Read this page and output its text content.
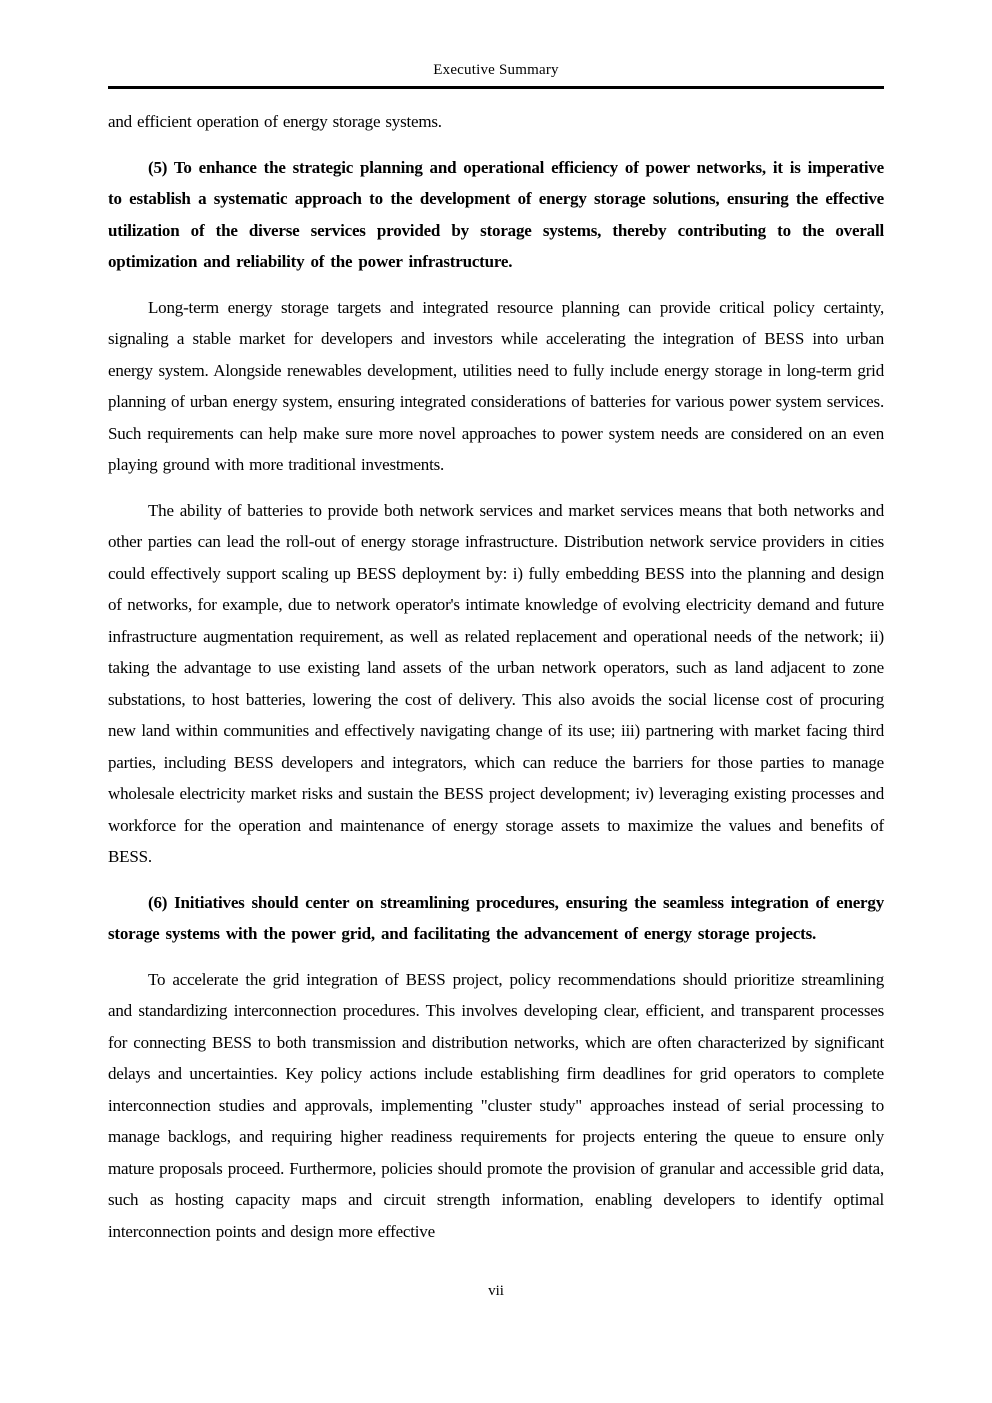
Executive Summary

and efficient operation of energy storage systems.

(5) To enhance the strategic planning and operational efficiency of power networks, it is imperative to establish a systematic approach to the development of energy storage solutions, ensuring the effective utilization of the diverse services provided by storage systems, thereby contributing to the overall optimization and reliability of the power infrastructure.

Long-term energy storage targets and integrated resource planning can provide critical policy certainty, signaling a stable market for developers and investors while accelerating the integration of BESS into urban energy system. Alongside renewables development, utilities need to fully include energy storage in long-term grid planning of urban energy system, ensuring integrated considerations of batteries for various power system services. Such requirements can help make sure more novel approaches to power system needs are considered on an even playing ground with more traditional investments.

The ability of batteries to provide both network services and market services means that both networks and other parties can lead the roll-out of energy storage infrastructure. Distribution network service providers in cities could effectively support scaling up BESS deployment by: i) fully embedding BESS into the planning and design of networks, for example, due to network operator's intimate knowledge of evolving electricity demand and future infrastructure augmentation requirement, as well as related replacement and operational needs of the network; ii) taking the advantage to use existing land assets of the urban network operators, such as land adjacent to zone substations, to host batteries, lowering the cost of delivery. This also avoids the social license cost of procuring new land within communities and effectively navigating change of its use; iii) partnering with market facing third parties, including BESS developers and integrators, which can reduce the barriers for those parties to manage wholesale electricity market risks and sustain the BESS project development; iv) leveraging existing processes and workforce for the operation and maintenance of energy storage assets to maximize the values and benefits of BESS.

(6) Initiatives should center on streamlining procedures, ensuring the seamless integration of energy storage systems with the power grid, and facilitating the advancement of energy storage projects.

To accelerate the grid integration of BESS project, policy recommendations should prioritize streamlining and standardizing interconnection procedures. This involves developing clear, efficient, and transparent processes for connecting BESS to both transmission and distribution networks, which are often characterized by significant delays and uncertainties. Key policy actions include establishing firm deadlines for grid operators to complete interconnection studies and approvals, implementing "cluster study" approaches instead of serial processing to manage backlogs, and requiring higher readiness requirements for projects entering the queue to ensure only mature proposals proceed. Furthermore, policies should promote the provision of granular and accessible grid data, such as hosting capacity maps and circuit strength information, enabling developers to identify optimal interconnection points and design more effective

vii
